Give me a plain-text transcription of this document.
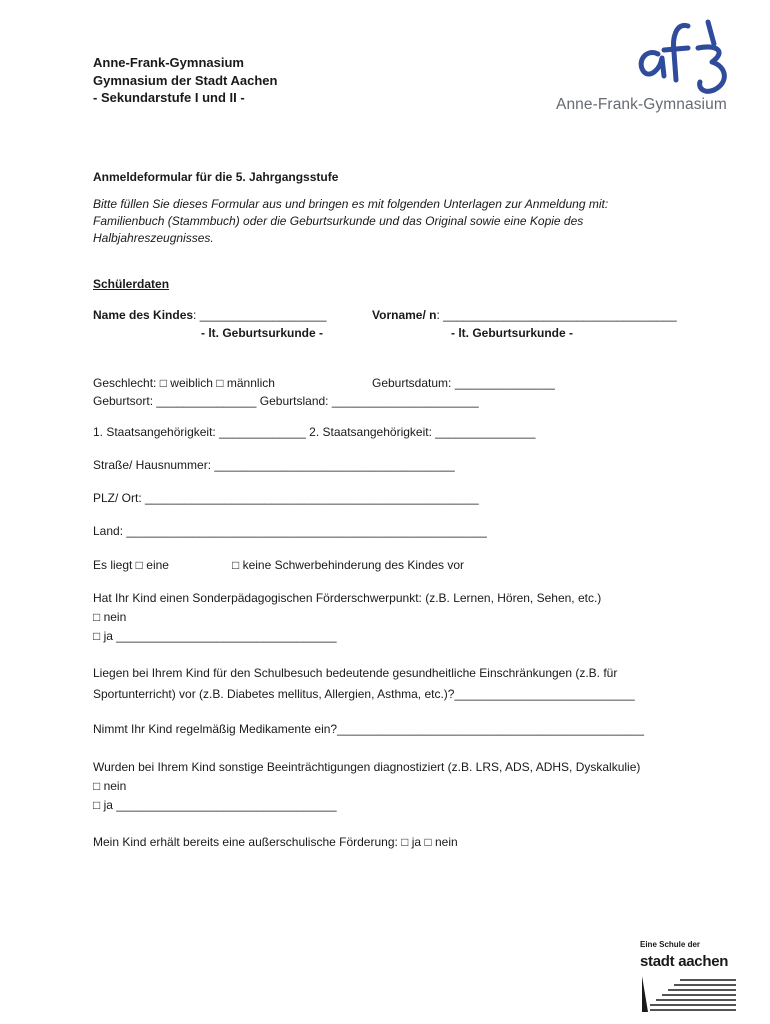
Anne-Frank-Gymnasium
Gymnasium der Stadt Aachen
- Sekundarstufe I und II -	Anne-Frank-Gymnasium
Anmeldeformular für die 5. Jahrgangsstufe
Bitte füllen Sie dieses Formular aus und bringen es mit folgenden Unterlagen zur Anmeldung mit:
Familienbuch (Stammbuch) oder die Geburtsurkunde und das Original sowie eine Kopie des
Halbjahreszeugnisses.
Schülerdaten
Name des Kindes: ___________________	Vorname/ n: ___________________________________
- lt. Geburtsurkunde -	- lt. Geburtsurkunde -
Geschlecht: □ weiblich □ männlich	Geburtsdatum: _______________
Geburtsort: _______________ Geburtsland: ______________________
1. Staatsangehörigkeit: _____________ 2. Staatsangehörigkeit: _______________
Straße/ Hausnummer: ____________________________________
PLZ/ Ort: __________________________________________________
Land: ______________________________________________________
Es liegt □ eine	□ keine Schwerbehinderung des Kindes vor
Hat Ihr Kind einen Sonderpädagogischen Förderschwerpunkt: (z.B. Lernen, Hören, Sehen, etc.)
□ nein
□ ja _________________________________
Liegen bei Ihrem Kind für den Schulbesuch bedeutende gesundheitliche Einschränkungen (z.B. für
Sportunterricht) vor (z.B. Diabetes mellitus, Allergien, Asthma, etc.)?___________________________
Nimmt Ihr Kind regelmäßig Medikamente ein?______________________________________________
Wurden bei Ihrem Kind sonstige Beeinträchtigungen diagnostiziert (z.B. LRS, ADS, ADHS, Dyskalkulie)
□ nein
□ ja _________________________________
Mein Kind erhält bereits eine außerschulische Förderung: □ ja □ nein
Eine Schule der
stadt aachen
